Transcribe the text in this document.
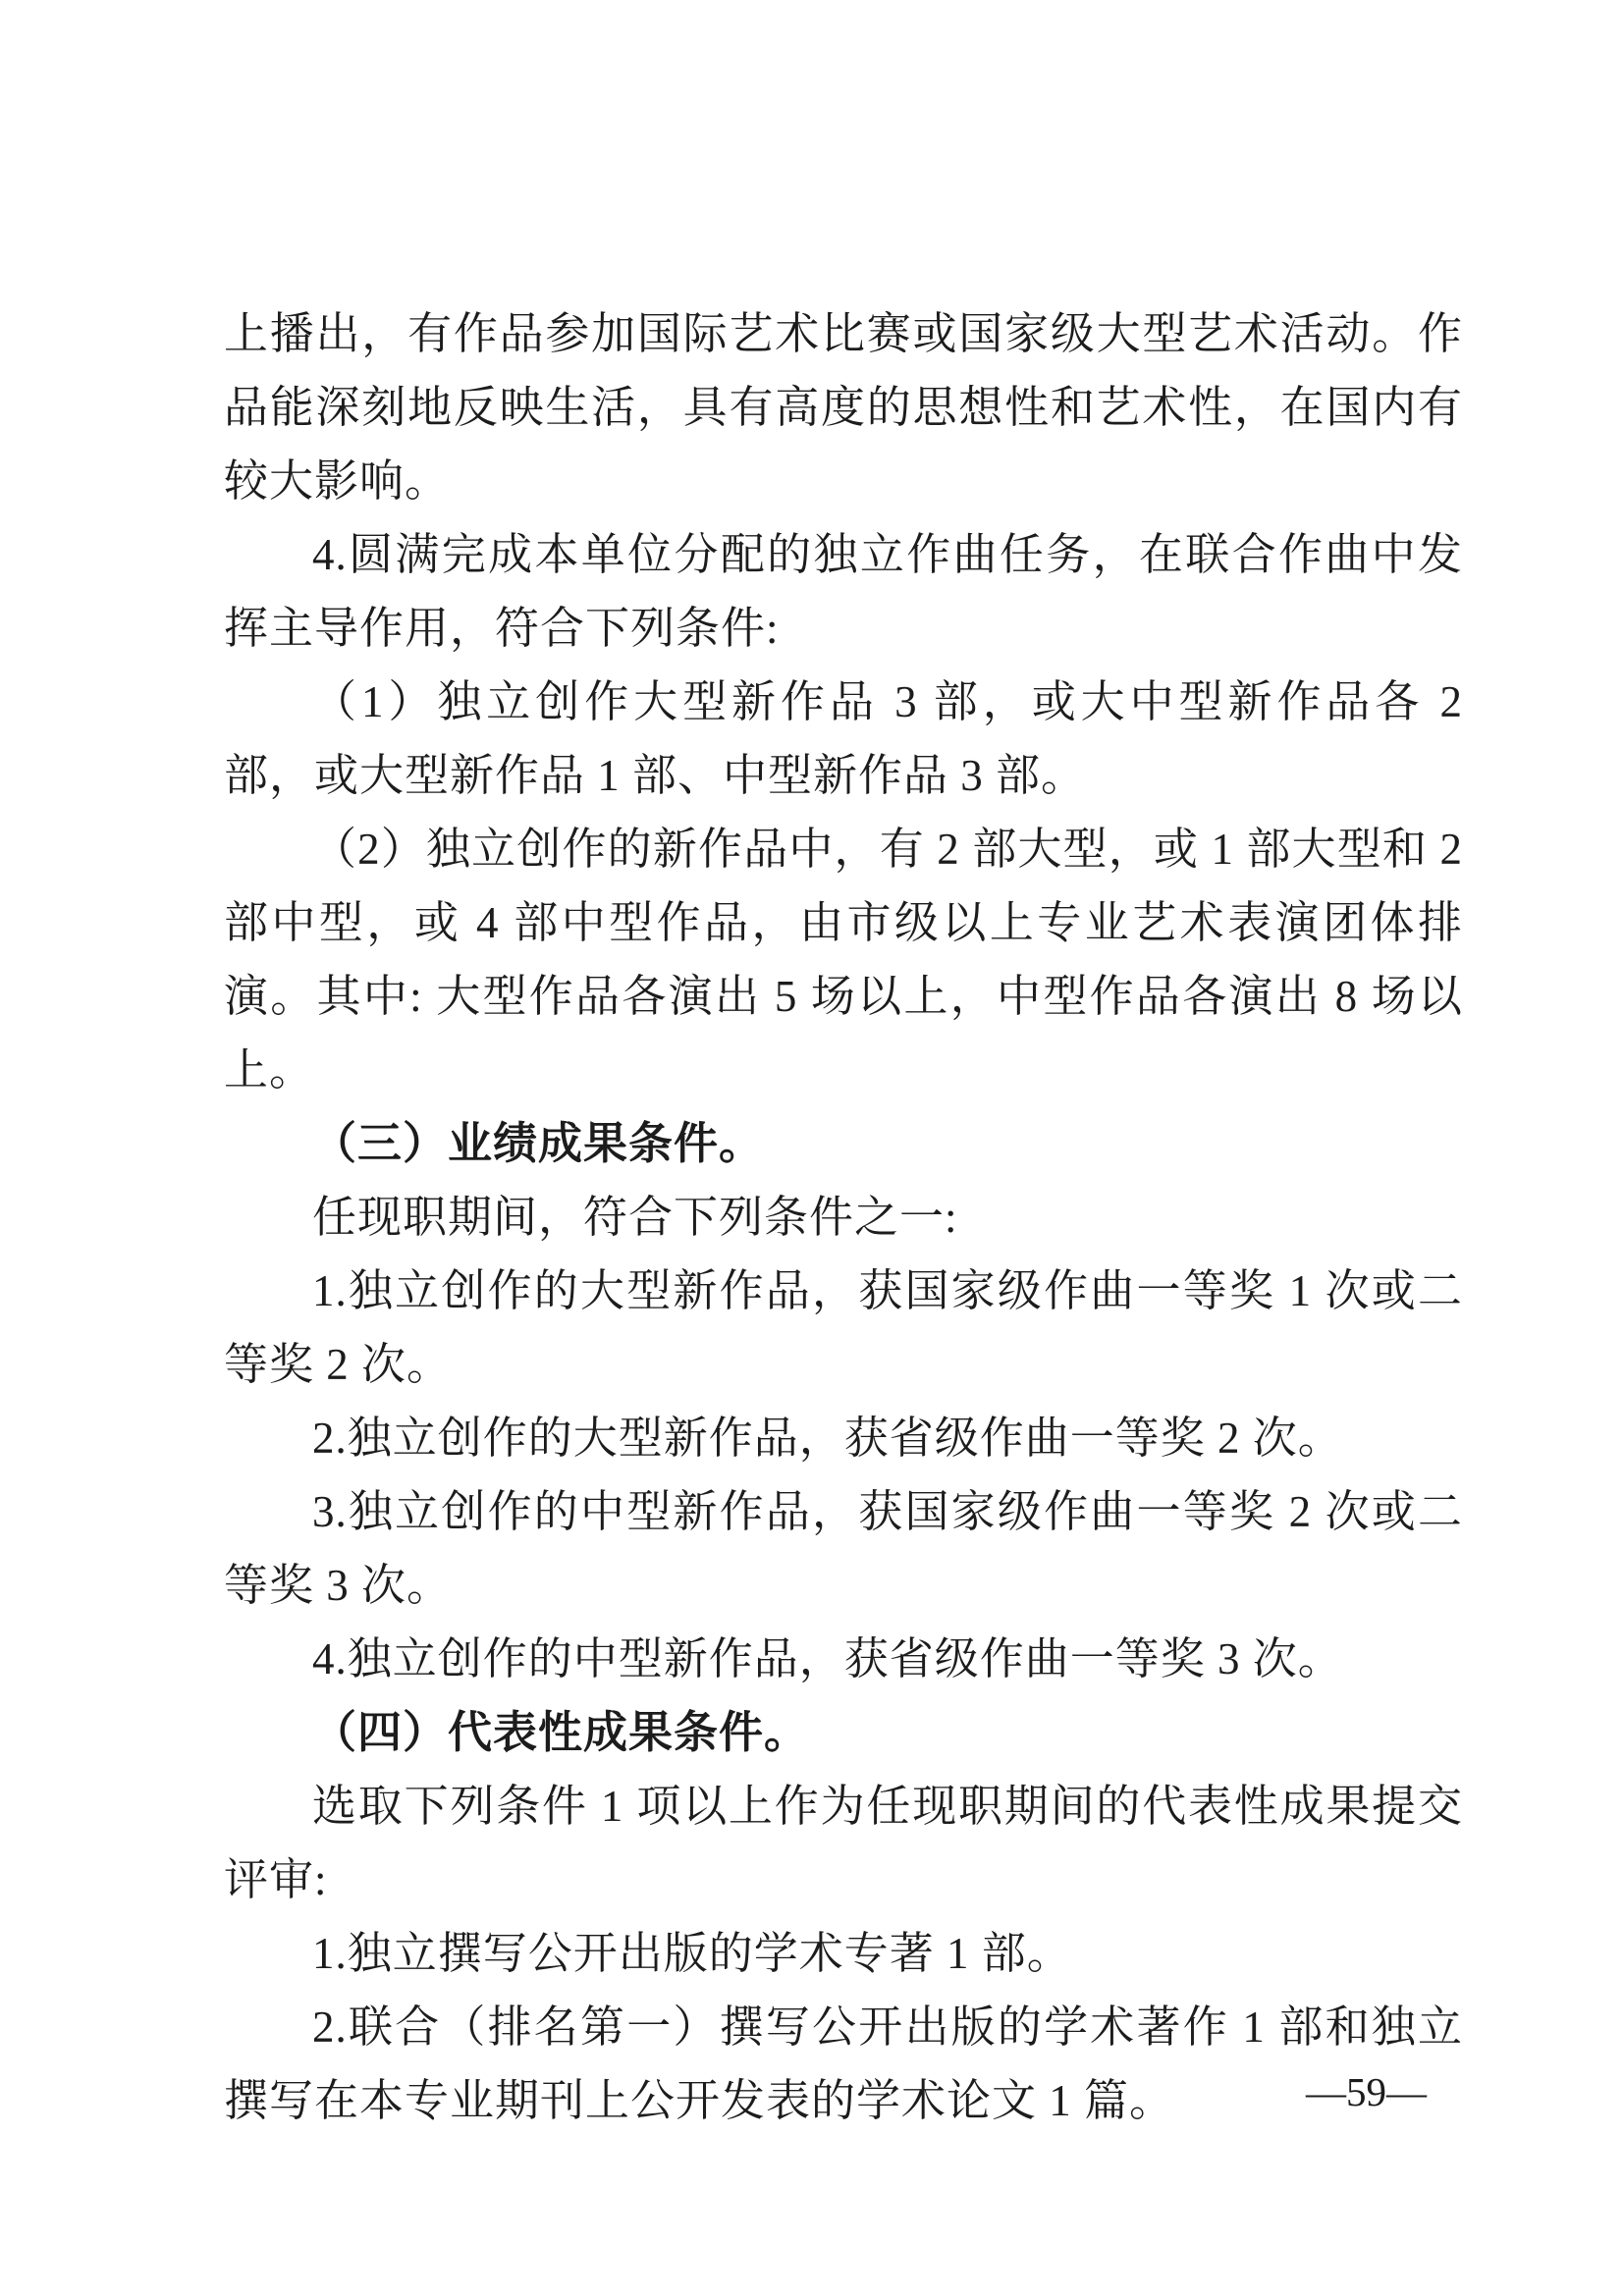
上播出，有作品参加国际艺术比赛或国家级大型艺术活动。作品能深刻地反映生活，具有高度的思想性和艺术性，在国内有较大影响。

4.圆满完成本单位分配的独立作曲任务，在联合作曲中发挥主导作用，符合下列条件:

（1）独立创作大型新作品 3 部，或大中型新作品各 2 部，或大型新作品 1 部、中型新作品 3 部。

（2）独立创作的新作品中，有 2 部大型，或 1 部大型和 2 部中型，或 4 部中型作品，由市级以上专业艺术表演团体排演。其中: 大型作品各演出 5 场以上，中型作品各演出 8 场以上。

（三）业绩成果条件。

任现职期间，符合下列条件之一:

1.独立创作的大型新作品，获国家级作曲一等奖 1 次或二等奖 2 次。

2.独立创作的大型新作品，获省级作曲一等奖 2 次。

3.独立创作的中型新作品，获国家级作曲一等奖 2 次或二等奖 3 次。

4.独立创作的中型新作品，获省级作曲一等奖 3 次。

（四）代表性成果条件。

选取下列条件 1 项以上作为任现职期间的代表性成果提交评审:

1.独立撰写公开出版的学术专著 1 部。

2.联合（排名第一）撰写公开出版的学术著作 1 部和独立撰写在本专业期刊上公开发表的学术论文 1 篇。	—59—
